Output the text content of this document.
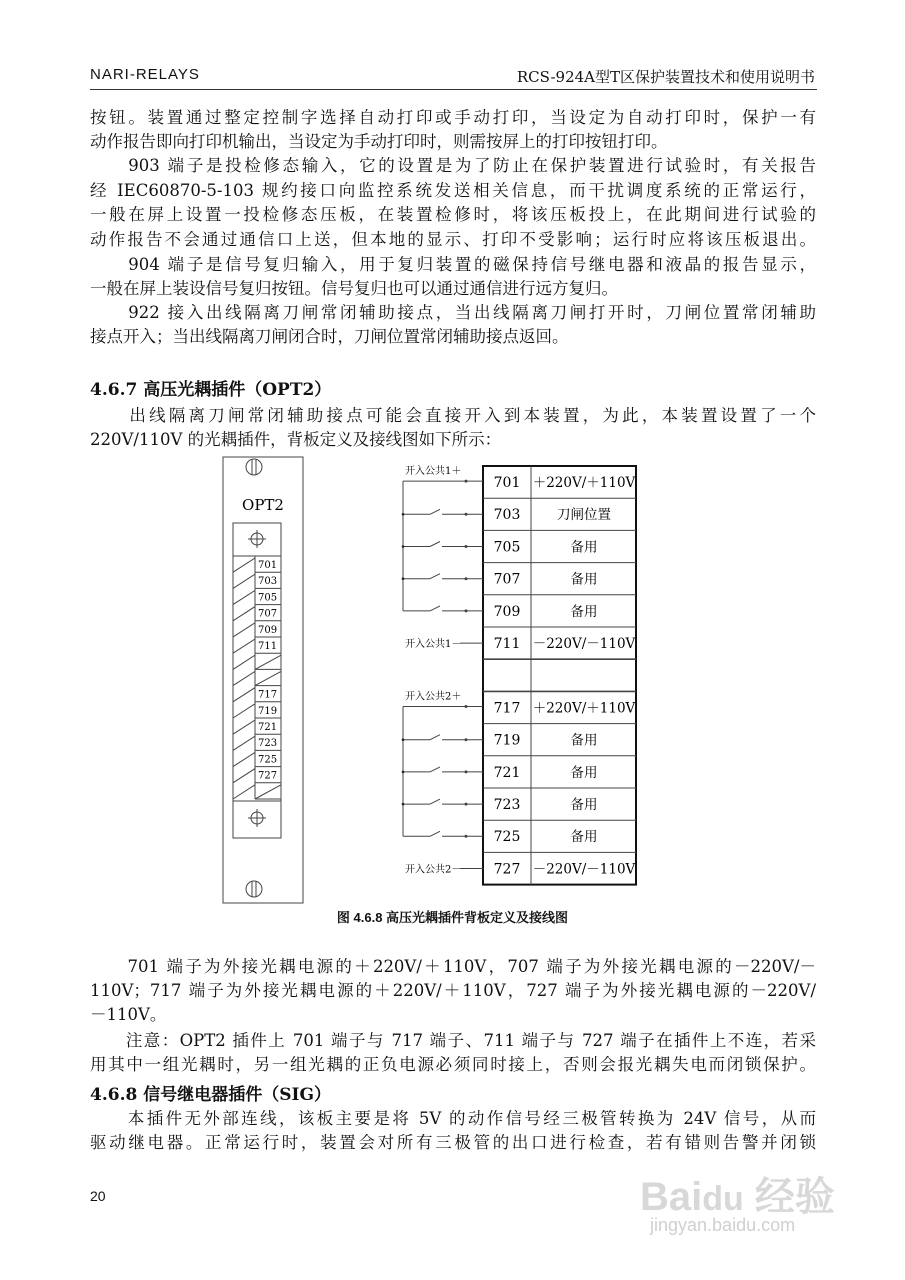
NARI-RELAYS	RCS-924A型T区保护装置技术和使用说明书
按钮。装置通过整定控制字选择自动打印或手动打印，当设定为自动打印时，保护一有
动作报告即向打印机输出，当设定为手动打印时，则需按屏上的打印按钮打印。
　　903 端子是投检修态输入，它的设置是为了防止在保护装置进行试验时，有关报告
经 IEC60870-5-103 规约接口向监控系统发送相关信息，而干扰调度系统的正常运行，
一般在屏上设置一投检修态压板，在装置检修时，将该压板投上，在此期间进行试验的
动作报告不会通过通信口上送，但本地的显示、打印不受影响；运行时应将该压板退出。
　　904 端子是信号复归输入，用于复归装置的磁保持信号继电器和液晶的报告显示，
一般在屏上装设信号复归按钮。信号复归也可以通过通信进行远方复归。
　　922 接入出线隔离刀闸常闭辅助接点，当出线隔离刀闸打开时，刀闸位置常闭辅助
接点开入；当出线隔离刀闸闭合时，刀闸位置常闭辅助接点返回。
4.6.7 高压光耦插件（OPT2）
　　出线隔离刀闸常闭辅助接点可能会直接开入到本装置，为此，本装置设置了一个
220V/110V 的光耦插件，背板定义及接线图如下所示：
OPT2
701
703
705
707
709
711
717
719
721
723
725
727
701 ＋220V/＋110V
703	刀闸位置
705	备用
707	备用
709	备用
711 －220V/－110V
717 ＋220V/＋110V
719	备用
721	备用
723	备用
725	备用
727 －220V/－110V
开入公共1＋
开入公共1－
开入公共2＋
开入公共2－
图 4.6.8 高压光耦插件背板定义及接线图
　　701 端子为外接光耦电源的＋220V/＋110V，707 端子为外接光耦电源的－220V/－
110V；717 端子为外接光耦电源的＋220V/＋110V，727 端子为外接光耦电源的－220V/
－110V。
　　注意：OPT2 插件上 701 端子与 717 端子、711 端子与 727 端子在插件上不连，若采
用其中一组光耦时，另一组光耦的正负电源必须同时接上，否则会报光耦失电而闭锁保护。
4.6.8 信号继电器插件（SIG）
　　本插件无外部连线，该板主要是将 5V 的动作信号经三极管转换为 24V 信号，从而
驱动继电器。正常运行时，装置会对所有三极管的出口进行检查，若有错则告警并闭锁
20	Baidu 经验
jingyan.baidu.com
